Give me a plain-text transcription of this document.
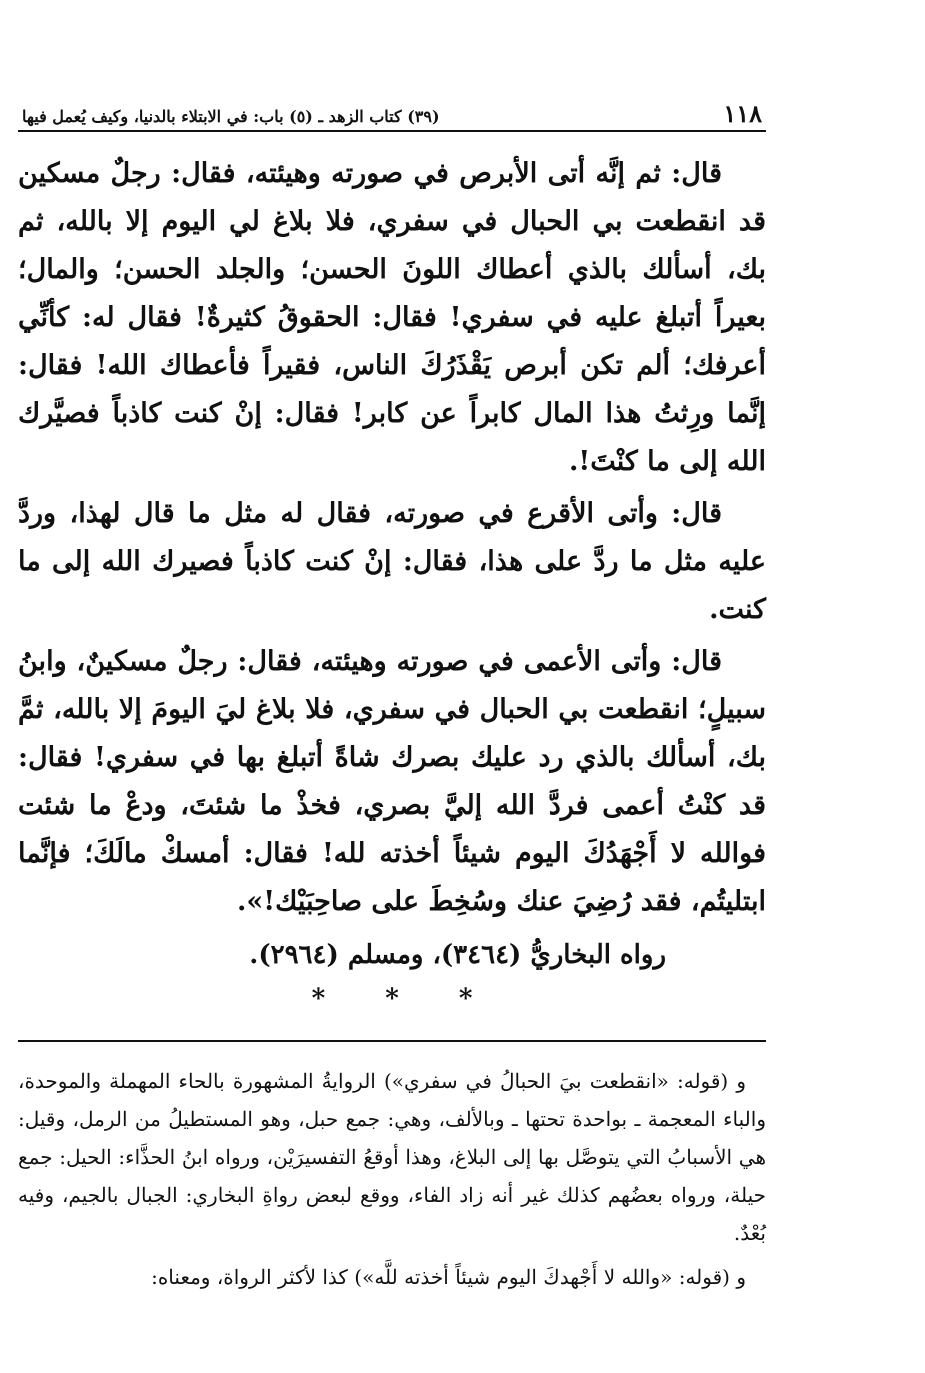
١١٨
(٣٩) كتاب الزهد ـ (٥) باب: في الابتلاء بالدنيا، وكيف يُعمل فيها

قال: ثم إنَّه أتى الأبرص في صورته وهيئته، فقال: رجلٌ مسكين قد انقطعت بي الحبال في سفري، فلا بلاغ لي اليوم إلا بالله، ثم بك، أسألك بالذي أعطاك اللونَ الحسن؛ والجلد الحسن؛ والمال؛ بعيراً أتبلغ عليه في سفري! فقال: الحقوقُ كثيرةٌ! فقال له: كأنِّي أعرفك؛ ألم تكن أبرص يَقْذَرُكَ الناس، فقيراً فأعطاك الله! فقال: إنَّما ورِثتُ هذا المال كابراً عن كابر! فقال: إنْ كنت كاذباً فصيَّرك الله إلى ما كنْتَ!.

قال: وأتى الأقرع في صورته، فقال له مثل ما قال لهذا، وردَّ عليه مثل ما ردَّ على هذا، فقال: إنْ كنت كاذباً فصيرك الله إلى ما كنت.

قال: وأتى الأعمى في صورته وهيئته، فقال: رجلٌ مسكينٌ، وابنُ سبيلٍ؛ انقطعت بي الحبال في سفري، فلا بلاغ ليَ اليومَ إلا بالله، ثمَّ بك، أسألك بالذي رد عليك بصرك شاةً أتبلغ بها في سفري! فقال: قد كنْتُ أعمى فردَّ الله إليَّ بصري، فخذْ ما شئتَ، ودعْ ما شئت فوالله لا أَجْهَدُكَ اليوم شيئاً أخذته لله! فقال: أمسكْ مالَكَ؛ فإنَّما ابتليتُم، فقد رُضِيَ عنك وسُخِطَ على صاحِبَيْك!».

رواه البخاريُّ (٣٤٦٤)، ومسلم (٢٩٦٤).
*
*
*

و (قوله: «انقطعت بيَ الحبالُ في سفري») الروايةُ المشهورة بالحاء المهملة والموحدة، والباء المعجمة ـ بواحدة تحتها ـ وبالألف، وهي: جمع حبل، وهو المستطيلُ من الرمل، وقيل: هي الأسبابُ التي يتوصَّل بها إلى البلاغ، وهذا أوقعُ التفسيرَيْن، ورواه ابنُ الحذَّاء: الحيل: جمع حيلة، ورواه بعضُهم كذلك غير أنه زاد الفاء، ووقع لبعض رواةِ البخاري: الجبال بالجيم، وفيه بُعْدٌ.

و (قوله: «والله لا أَجْهدكَ اليوم شيئاً أخذته للَّه») كذا لأكثر الرواة، ومعناه:
